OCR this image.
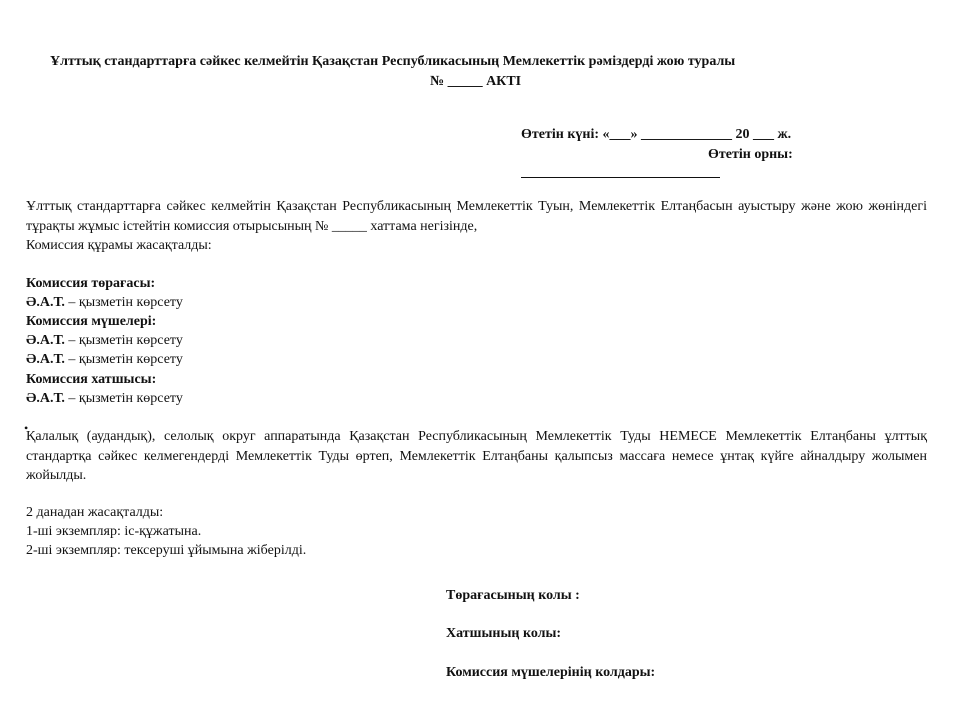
Ұлттық стандарттарға сәйкес келмейтін Қазақстан Республикасының Мемлекеттік рәміздерді жою туралы
№ _____ АКТІ
Өтетін күні: «___» _____________ 20 ___ ж.
Өтетін орны:
Ұлттық стандарттарға сәйкес келмейтін Қазақстан Республикасының Мемлекеттік Туын, Мемлекеттік Елтаңбасын ауыстыру және жою жөніндегі тұрақты жұмыс істейтін комиссия отырысының № _____ хаттама негізінде,
Комиссия құрамы жасақталды:
Комиссия төрағасы:
Ә.А.Т. – қызметін көрсету
Комиссия мүшелері:
Ә.А.Т. – қызметін көрсету
Ә.А.Т. – қызметін көрсету
Комиссия хатшысы:
Ә.А.Т. – қызметін көрсету
•
Қалалық (аудандық), селолық округ аппаратында Қазақстан Республикасының Мемлекеттік Туды НЕМЕСЕ Мемлекеттік Елтаңбаны ұлттық стандартқа сәйкес келмегендерді Мемлекеттік Туды өртеп, Мемлекеттік Елтаңбаны қалыпсыз массаға немесе ұнтақ күйге айналдыру жолымен жойылды.
2 данадан жасақталды:
1-ші экземпляр: іс-құжатына.
2-ші экземпляр: тексеруші ұйымына жіберілді.
Төрағасының колы :
Хатшының колы:
Комиссия мүшелерінің колдары:
